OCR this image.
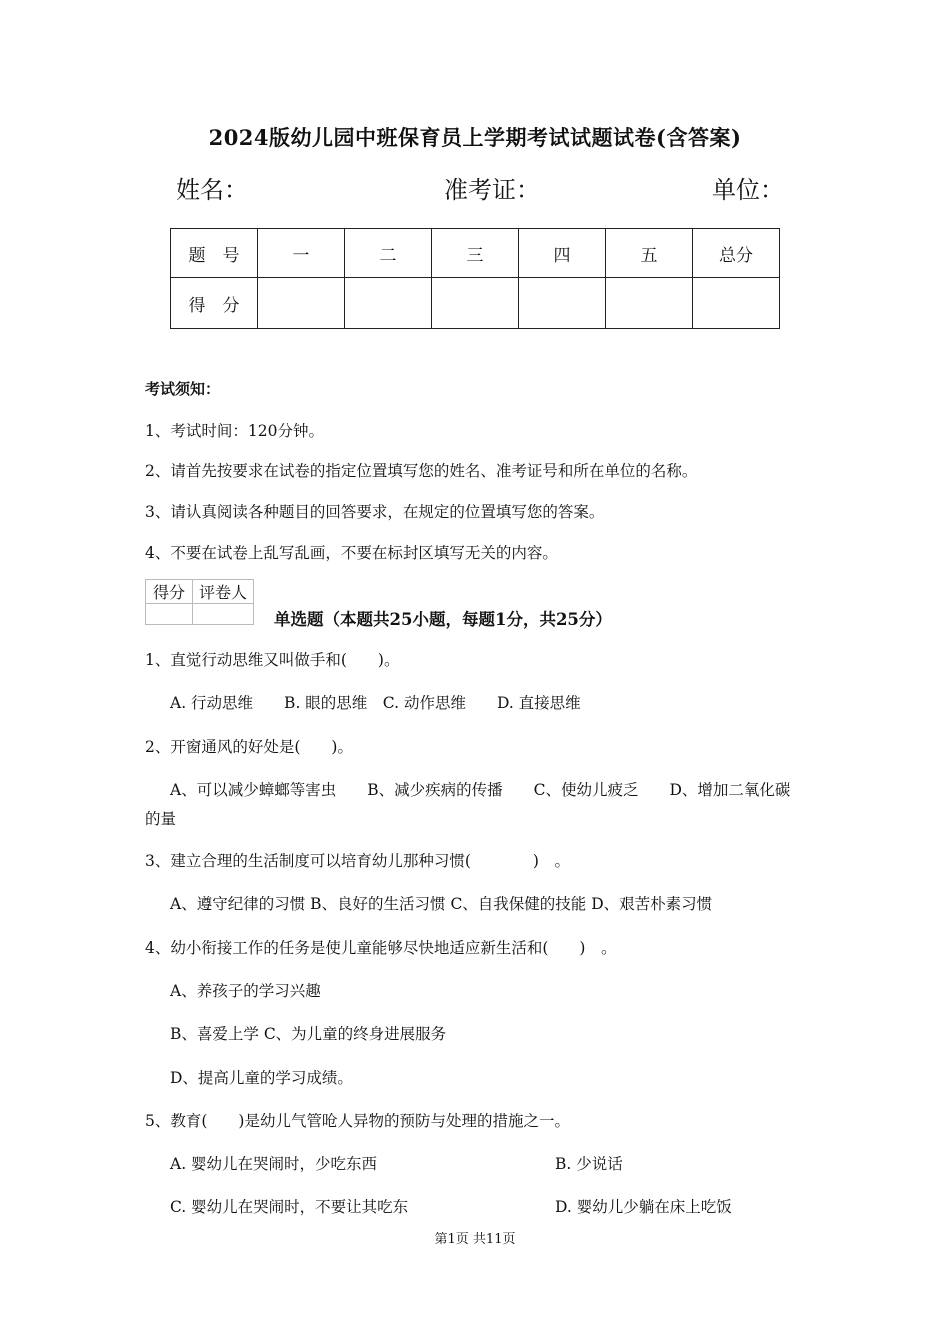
2024版幼儿园中班保育员上学期考试试题试卷(含答案)
姓名：	准考证：	单位：
题　号	一	二	三	四	五	总分
得　分						
考试须知：
1、考试时间：120分钟。
2、请首先按要求在试卷的指定位置填写您的姓名、准考证号和所在单位的名称。
3、请认真阅读各种题目的回答要求，在规定的位置填写您的答案。
4、不要在试卷上乱写乱画，不要在标封区填写无关的内容。
得分	评卷人

单选题（本题共25小题，每题1分，共25分）
1、直觉行动思维又叫做手和(　　)。
A. 行动思维　　B. 眼的思维　C. 动作思维　　D. 直接思维
2、开窗通风的好处是(　　)。
A、可以减少蟑螂等害虫　　B、减少疾病的传播　　C、使幼儿疲乏　　D、增加二氧化碳
的量
3、建立合理的生活制度可以培育幼儿那种习惯(　　　　)　。
A、遵守纪律的习惯 B、良好的生活习惯 C、自我保健的技能 D、艰苦朴素习惯
4、幼小衔接工作的任务是使儿童能够尽快地适应新生活和(　　)　。
A、养孩子的学习兴趣
B、喜爱上学 C、为儿童的终身进展服务
D、提高儿童的学习成绩。
5、教育(　　)是幼儿气管呛人异物的预防与处理的措施之一。
A. 婴幼儿在哭闹时，少吃东西	B. 少说话
C. 婴幼儿在哭闹时，不要让其吃东	D. 婴幼儿少躺在床上吃饭
第1页 共11页
